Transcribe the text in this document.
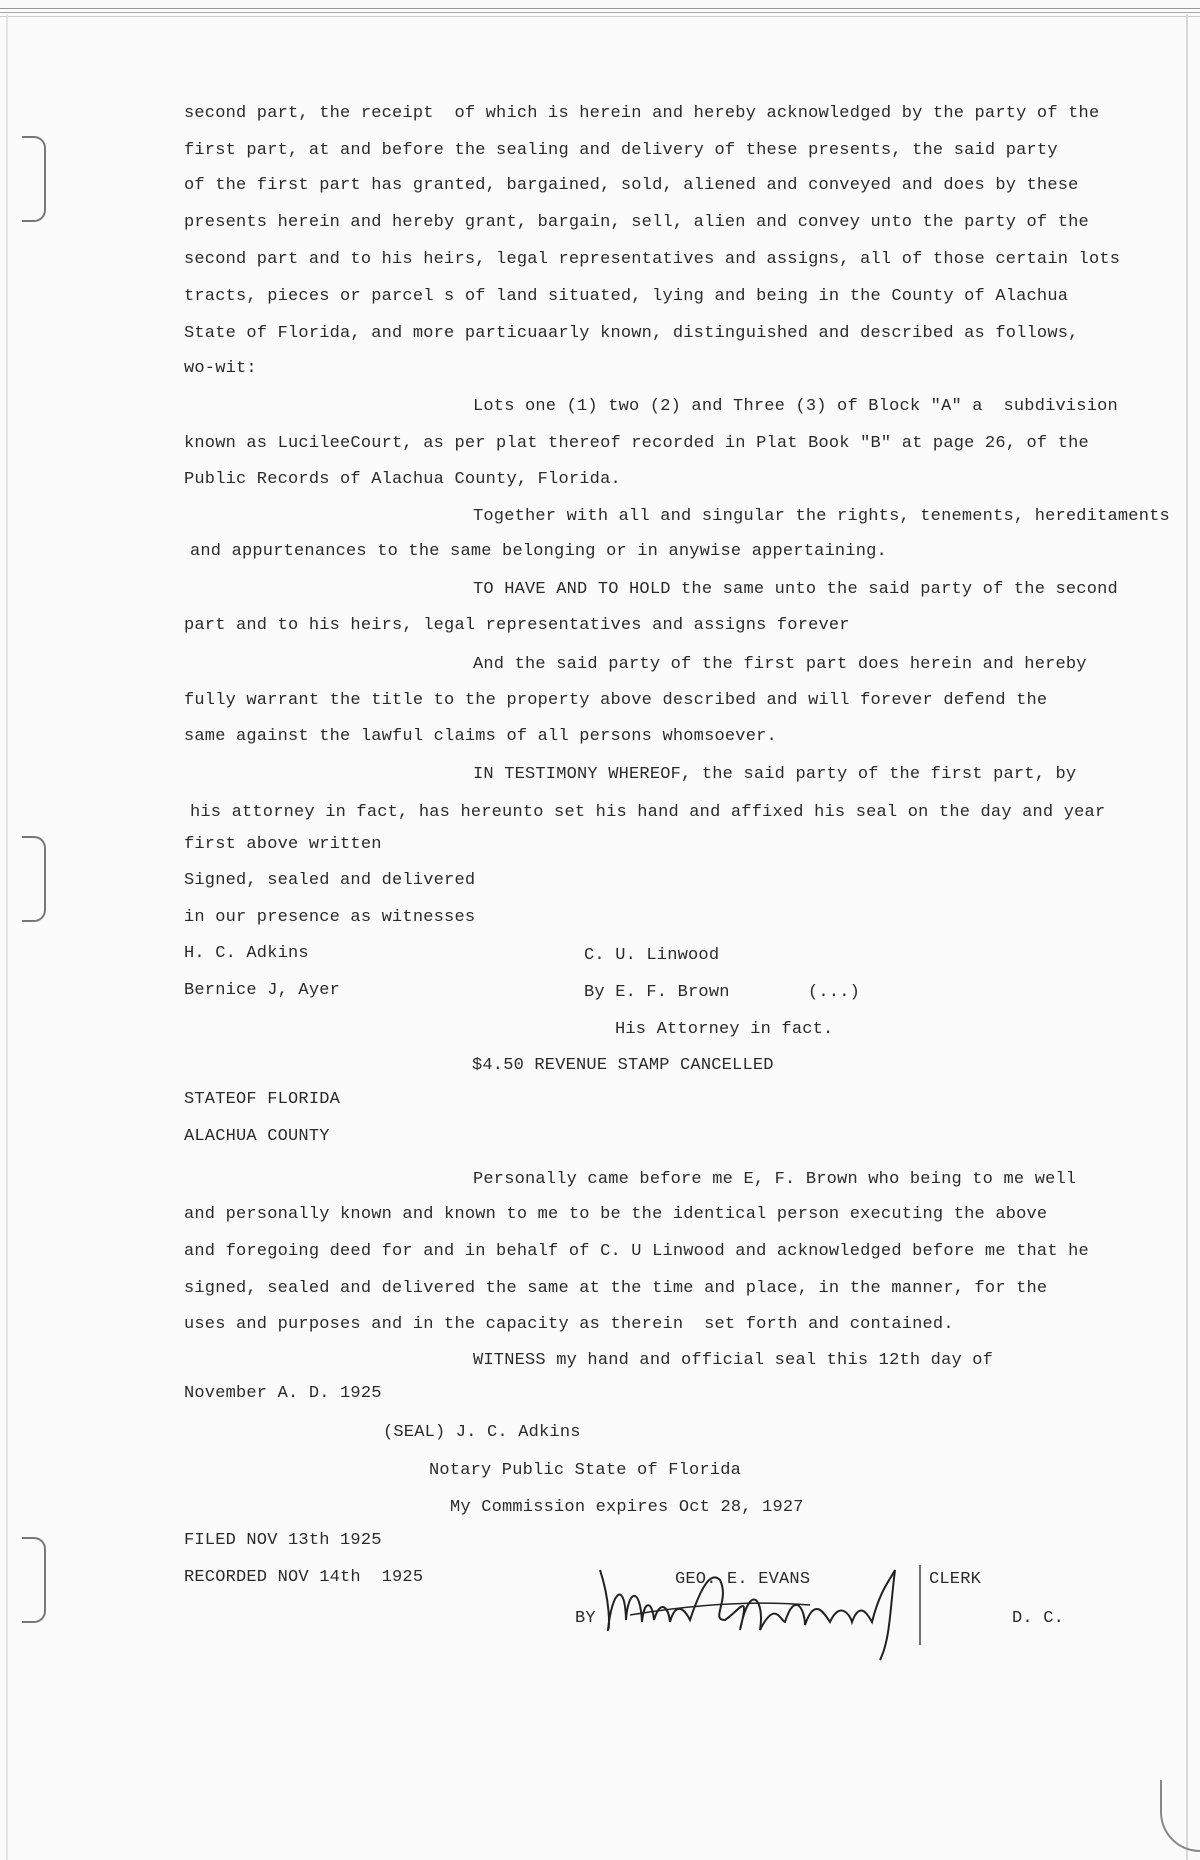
second part, the receipt  of which is herein and hereby acknowledged by the party of the
first part, at and before the sealing and delivery of these presents, the said party
of the first part has granted, bargained, sold, aliened and conveyed and does by these
presents herein and hereby grant, bargain, sell, alien and convey unto the party of the
second part and to his heirs, legal representatives and assigns, all of those certain lots
tracts, pieces or parcel s of land situated, lying and being in the County of Alachua
State of Florida, and more particuaarly known, distinguished and described as follows,
wo-wit:
Lots one (1) two (2) and Three (3) of Block "A" a  subdivision
known as LucileeCourt, as per plat thereof recorded in Plat Book "B" at page 26, of the
Public Records of Alachua County, Florida.
Together with all and singular the rights, tenements, hereditaments
and appurtenances to the same belonging or in anywise appertaining.
TO HAVE AND TO HOLD the same unto the said party of the second
part and to his heirs, legal representatives and assigns forever
And the said party of the first part does herein and hereby
fully warrant the title to the property above described and will forever defend the
same against the lawful claims of all persons whomsoever.
IN TESTIMONY WHEREOF, the said party of the first part, by
his attorney in fact, has hereunto set his hand and affixed his seal on the day and year
first above written
Signed, sealed and delivered
in our presence as witnesses
H. C. Adkins	C. U. Linwood
Bernice J, Ayer	By E. F. Brown	(...)
His Attorney in fact.
$4.50 REVENUE STAMP CANCELLED
STATEOF FLORIDA
ALACHUA COUNTY
Personally came before me E, F. Brown who being to me well
and personally known and known to me to be the identical person executing the above
and foregoing deed for and in behalf of C. U Linwood and acknowledged before me that he
signed, sealed and delivered the same at the time and place, in the manner, for the
uses and purposes and in the capacity as therein  set forth and contained.
WITNESS my hand and official seal this 12th day of
November A. D. 1925
(SEAL) J. C. Adkins
Notary Public State of Florida
My Commission expires Oct 28, 1927
FILED NOV 13th 1925
RECORDED NOV 14th  1925	GEO. E. EVANS	CLERK
BY	D. C.
